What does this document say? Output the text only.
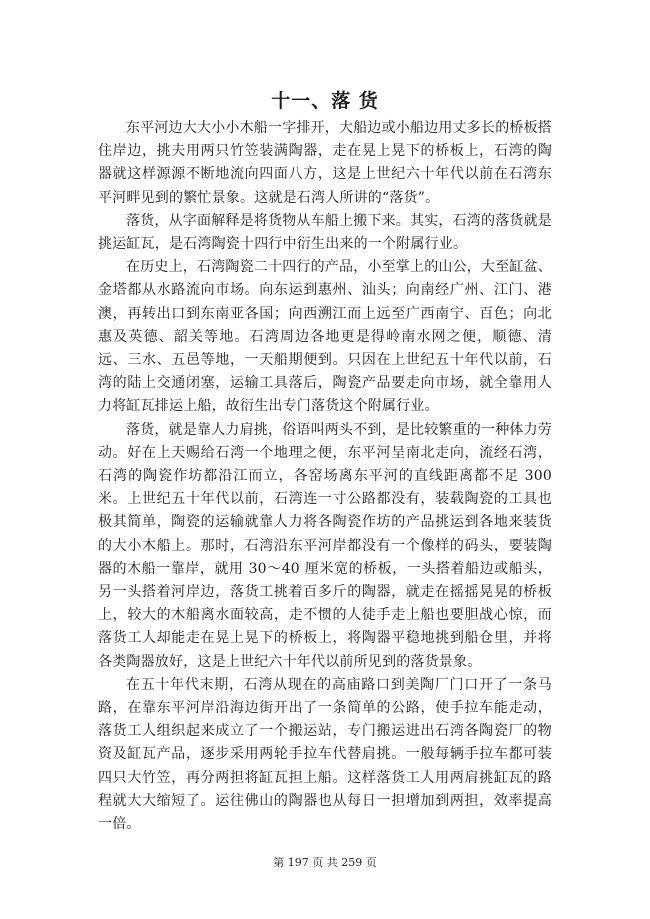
十一、落 货

东平河边大大小小木船一字排开，大船边或小船边用丈多长的桥板搭住岸边，挑夫用两只竹笠装满陶器，走在晃上晃下的桥板上，石湾的陶器就这样源源不断地流向四面八方，这是上世纪六十年代以前在石湾东平河畔见到的繁忙景象。这就是石湾人所讲的“落货”。

落货，从字面解释是将货物从车船上搬下来。其实，石湾的落货就是挑运缸瓦，是石湾陶瓷十四行中衍生出来的一个附属行业。

在历史上，石湾陶瓷二十四行的产品，小至掌上的山公，大至缸盆、金塔都从水路流向市场。向东运到惠州、汕头；向南经广州、江门、港澳，再转出口到东南亚各国；向西溯江而上远至广西南宁、百色；向北惠及英德、韶关等地。石湾周边各地更是得岭南水网之便，顺德、清远、三水、五邑等地，一天船期便到。只因在上世纪五十年代以前，石湾的陆上交通闭塞，运输工具落后，陶瓷产品要走向市场，就全靠用人力将缸瓦排运上船，故衍生出专门落货这个附属行业。

落货，就是靠人力肩挑，俗语叫两头不到，是比较繁重的一种体力劳动。好在上天赐给石湾一个地理之便，东平河呈南北走向，流经石湾，石湾的陶瓷作坊都沿江而立，各窑场离东平河的直线距离都不足 300 米。上世纪五十年代以前，石湾连一寸公路都没有，装载陶瓷的工具也极其简单，陶瓷的运输就靠人力将各陶瓷作坊的产品挑运到各地来装货的大小木船上。那时，石湾沿东平河岸都没有一个像样的码头，要装陶器的木船一靠岸，就用 30～40 厘米宽的桥板，一头搭着船边或船头，另一头搭着河岸边，落货工挑着百多斤的陶器，就走在摇摇晃晃的桥板上，较大的木船离水面较高，走不惯的人徒手走上船也要胆战心惊，而落货工人却能走在晃上晃下的桥板上，将陶器平稳地挑到船仓里，并将各类陶器放好，这是上世纪六十年代以前所见到的落货景象。

在五十年代末期，石湾从现在的高庙路口到美陶厂门口开了一条马路，在靠东平河岸沿海边街开出了一条简单的公路，使手拉车能走动，落货工人组织起来成立了一个搬运站，专门搬运进出石湾各陶瓷厂的物资及缸瓦产品，逐步采用两轮手拉车代替肩挑。一般每辆手拉车都可装四只大竹笠，再分两担将缸瓦担上船。这样落货工人用两肩挑缸瓦的路程就大大缩短了。运往佛山的陶器也从每日一担增加到两担，效率提高一倍。

第 197 页 共 259 页
